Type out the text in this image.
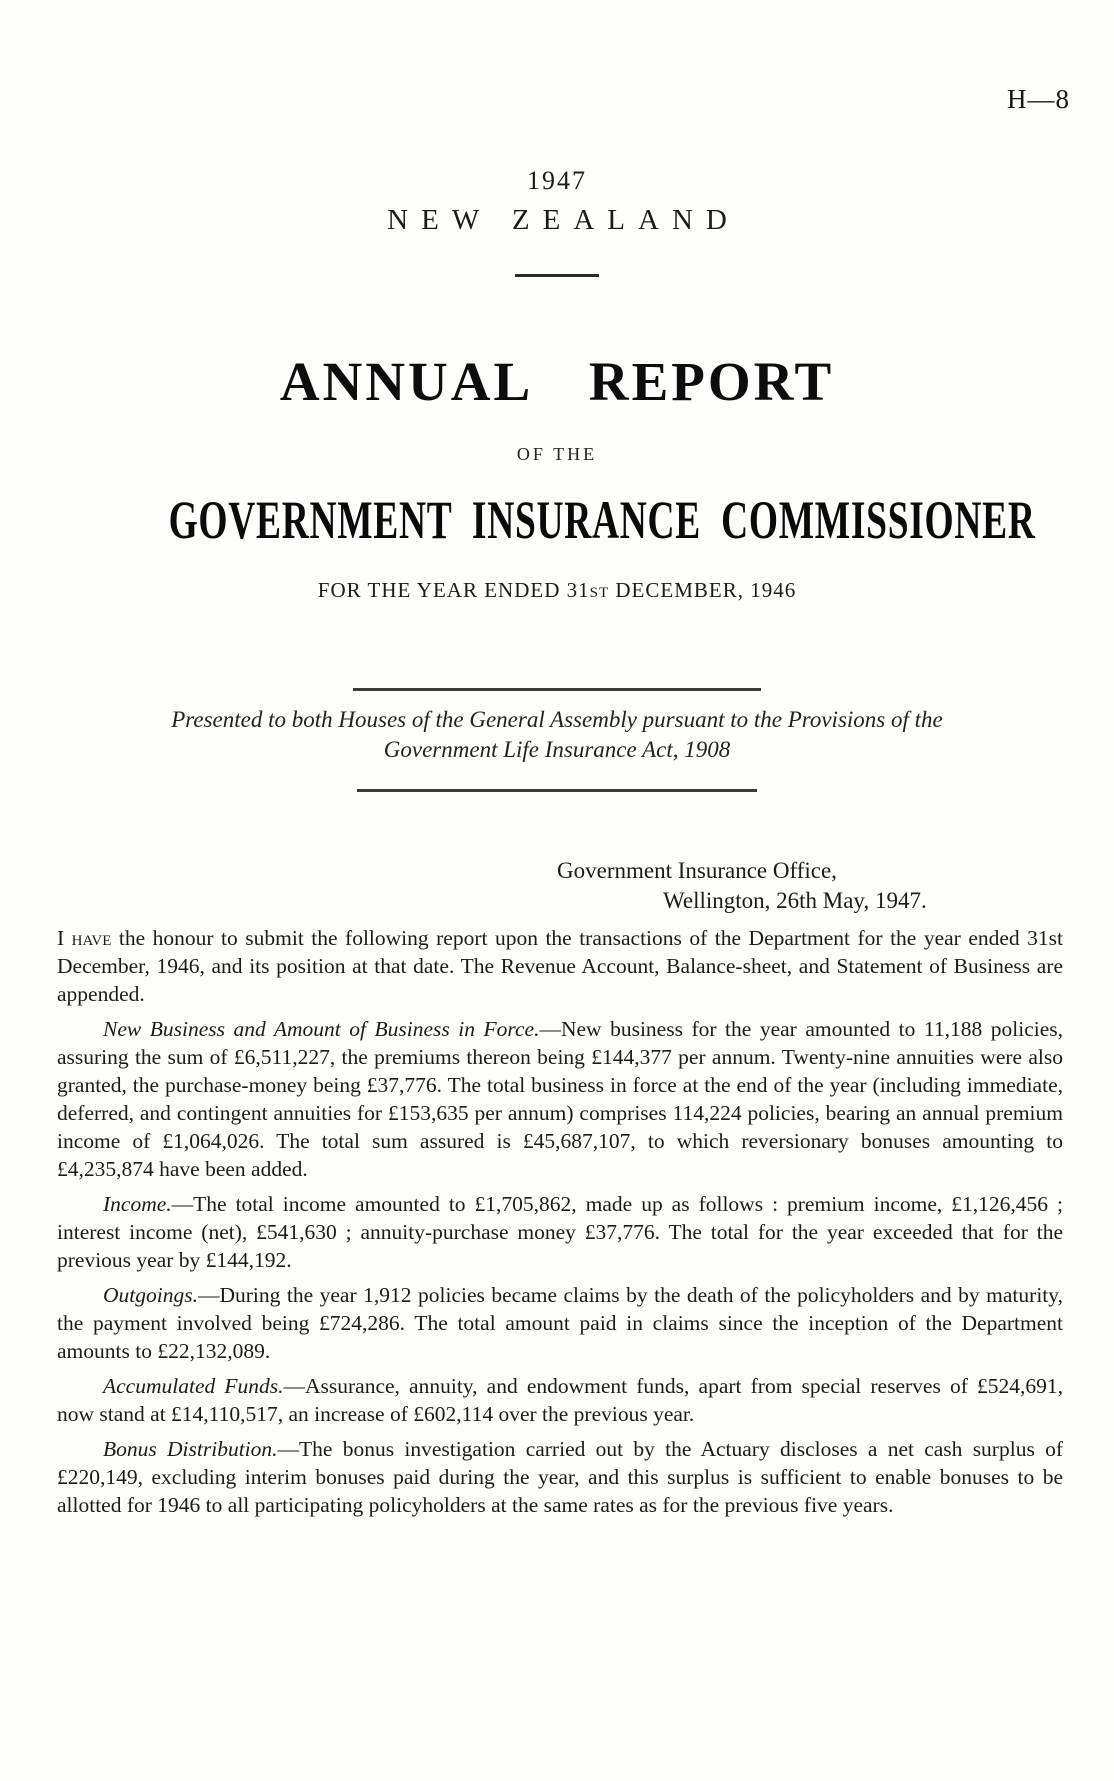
H—8
1947
NEW ZEALAND
ANNUAL REPORT
OF THE
GOVERNMENT INSURANCE COMMISSIONER
FOR THE YEAR ENDED 31st DECEMBER, 1946
Presented to both Houses of the General Assembly pursuant to the Provisions of the
Government Life Insurance Act, 1908
Government Insurance Office,
Wellington, 26th May, 1947.

I have the honour to submit the following report upon the transactions of the Department for the year ended 31st December, 1946, and its position at that date. The Revenue Account, Balance-sheet, and Statement of Business are appended.

New Business and Amount of Business in Force.—New business for the year amounted to 11,188 policies, assuring the sum of £6,511,227, the premiums thereon being £144,377 per annum. Twenty-nine annuities were also granted, the purchase-money being £37,776. The total business in force at the end of the year (including immediate, deferred, and contingent annuities for £153,635 per annum) comprises 114,224 policies, bearing an annual premium income of £1,064,026. The total sum assured is £45,687,107, to which reversionary bonuses amounting to £4,235,874 have been added.

Income.—The total income amounted to £1,705,862, made up as follows : premium income, £1,126,456 ; interest income (net), £541,630 ; annuity-purchase money £37,776. The total for the year exceeded that for the previous year by £144,192.

Outgoings.—During the year 1,912 policies became claims by the death of the policyholders and by maturity, the payment involved being £724,286. The total amount paid in claims since the inception of the Department amounts to £22,132,089.

Accumulated Funds.—Assurance, annuity, and endowment funds, apart from special reserves of £524,691, now stand at £14,110,517, an increase of £602,114 over the previous year.

Bonus Distribution.—The bonus investigation carried out by the Actuary discloses a net cash surplus of £220,149, excluding interim bonuses paid during the year, and this surplus is sufficient to enable bonuses to be allotted for 1946 to all participating policyholders at the same rates as for the previous five years.
